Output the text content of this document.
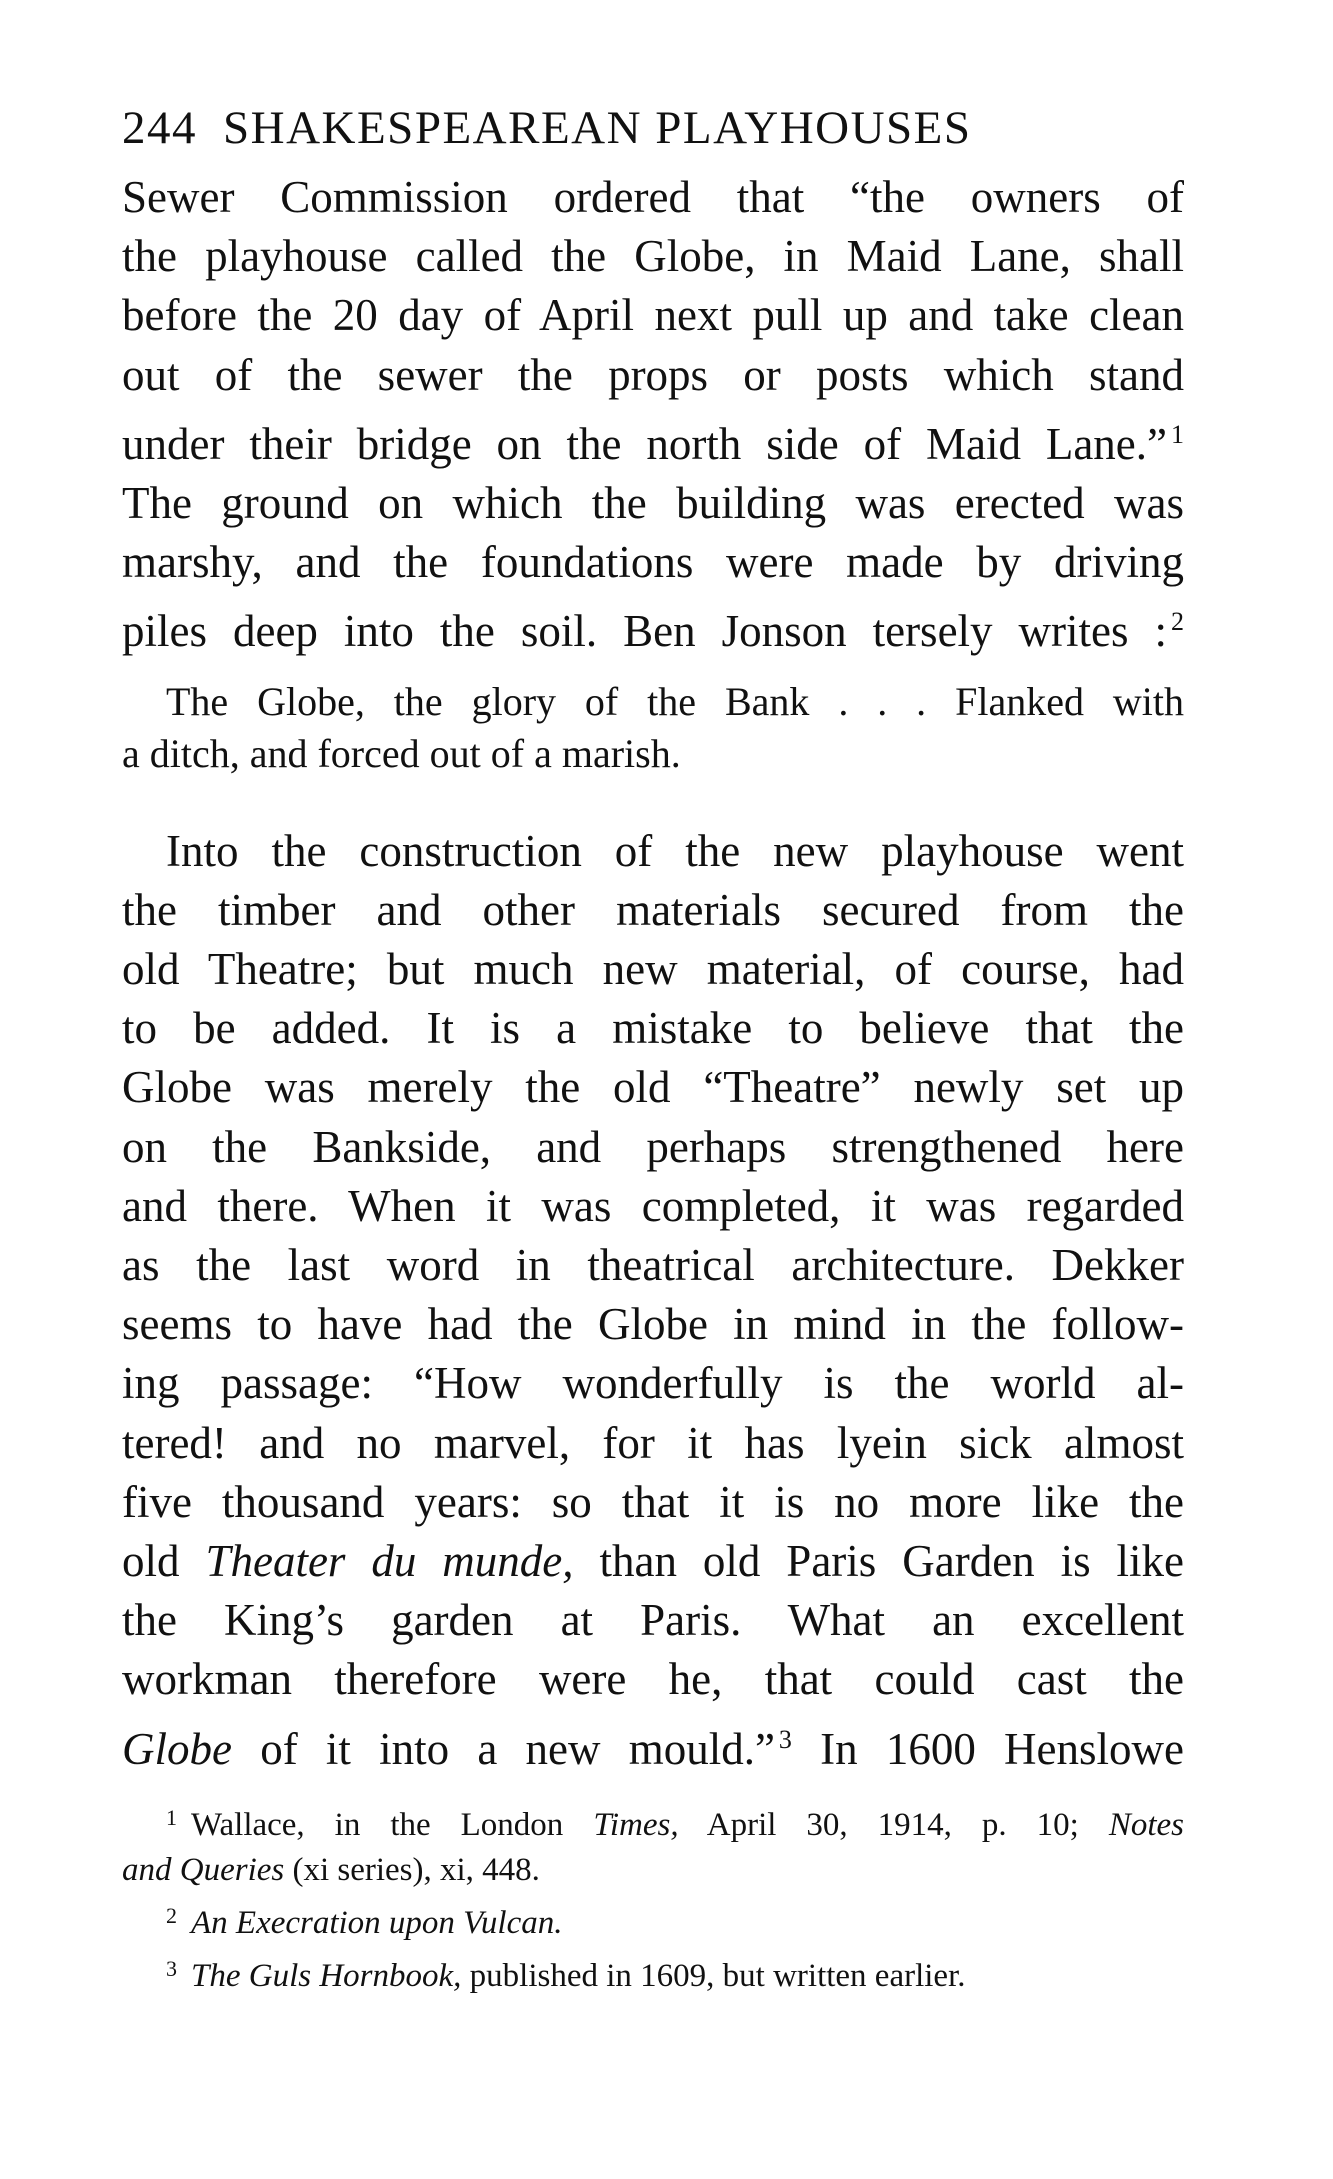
244 SHAKESPEAREAN PLAYHOUSES

Sewer Commission ordered that “the owners of
the playhouse called the Globe, in Maid Lane, shall
before the 20 day of April next pull up and take clean
out of the sewer the props or posts which stand
under their bridge on the north side of Maid Lane.” $^1$
The ground on which the building was erected was
marshy, and the foundations were made by driving
piles deep into the soil. Ben Jonson tersely writes : $^2$

The Globe, the glory of the Bank . . . Flanked with
a ditch, and forced out of a marish.

Into the construction of the new playhouse went
the timber and other materials secured from the
old Theatre; but much new material, of course, had
to be added. It is a mistake to believe that the
Globe was merely the old “Theatre” newly set up
on the Bankside, and perhaps strengthened here
and there. When it was completed, it was regarded
as the last word in theatrical architecture. Dekker
seems to have had the Globe in mind in the follow-
ing passage: “How wonderfully is the world al-
tered! and no marvel, for it has lyein sick almost
five thousand years: so that it is no more like the
old Theater du munde, than old Paris Garden is like
the King’s garden at Paris. What an excellent
workman therefore were he, that could cast the
Globe of it into a new mould.” $^3$ In 1600 Henslowe

$^1$ Wallace, in the London Times, April 30, 1914, p. 10; Notes
and Queries (xi series), xi, 448.
$^2$ An Execration upon Vulcan.
$^3$ The Guls Hornbook, published in 1609, but written earlier.
